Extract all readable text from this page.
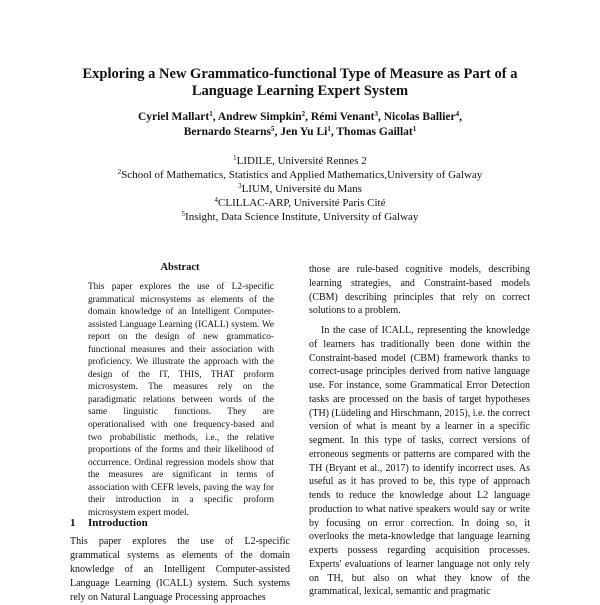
Exploring a New Grammatico-functional Type of Measure as Part of a
Language Learning Expert System
Cyriel Mallart$^1$, Andrew Simpkin$^2$, Rémi Venant$^3$, Nicolas Ballier$^4$,
Bernardo Stearns$^5$, Jen Yu Li$^1$, Thomas Gaillat$^1$
$^1$LIDILE, Université Rennes 2
$^2$School of Mathematics, Statistics and Applied Mathematics,University of Galway
$^3$LIUM, Université du Mans
$^4$CLILLAC-ARP, Université Paris Cité
$^5$Insight, Data Science Institute, University of Galway
Abstract
This paper explores the use of L2-specific grammatical microsystems as elements of the domain knowledge of an Intelligent Computer-assisted Language Learning (ICALL) system. We report on the design of new grammatico-functional measures and their association with proficiency. We illustrate the approach with the design of the IT, THIS, THAT proform microsystem. The measures rely on the paradigmatic relations between words of the same linguistic functions. They are operationalised with one frequency-based and two probabilistic methods, i.e., the relative proportions of the forms and their likelihood of occurrence. Ordinal regression models show that the measures are significant in terms of association with CEFR levels, paving the way for their introduction in a specific proform microsystem expert model.
1 Introduction
This paper explores the use of L2-specific grammatical systems as elements of the domain knowledge of an Intelligent Computer-assisted Language Learning (ICALL) system. Such systems rely on Natural Language Processing approaches

those are rule-based cognitive models, describing learning strategies, and Constraint-based models (CBM) describing principles that rely on correct solutions to a problem.

In the case of ICALL, representing the knowledge of learners has traditionally been done within the Constraint-based model (CBM) framework thanks to correct-usage principles derived from native language use. For instance, some Grammatical Error Detection tasks are processed on the basis of target hypotheses (TH) (Lüdeling and Hirschmann, 2015), i.e. the correct version of what is meant by a learner in a specific segment. In this type of tasks, correct versions of erroneous segments or patterns are compared with the TH (Bryant et al., 2017) to identify incorrect uses. As useful as it has proved to be, this type of approach tends to reduce the knowledge about L2 language production to what native speakers would say or write by focusing on error correction. In doing so, it overlooks the meta-knowledge that language learning experts possess regarding acquisition processes. Experts' evaluations of learner language not only rely on TH, but also on what they know of the grammatical, lexical, semantic and pragmatic
